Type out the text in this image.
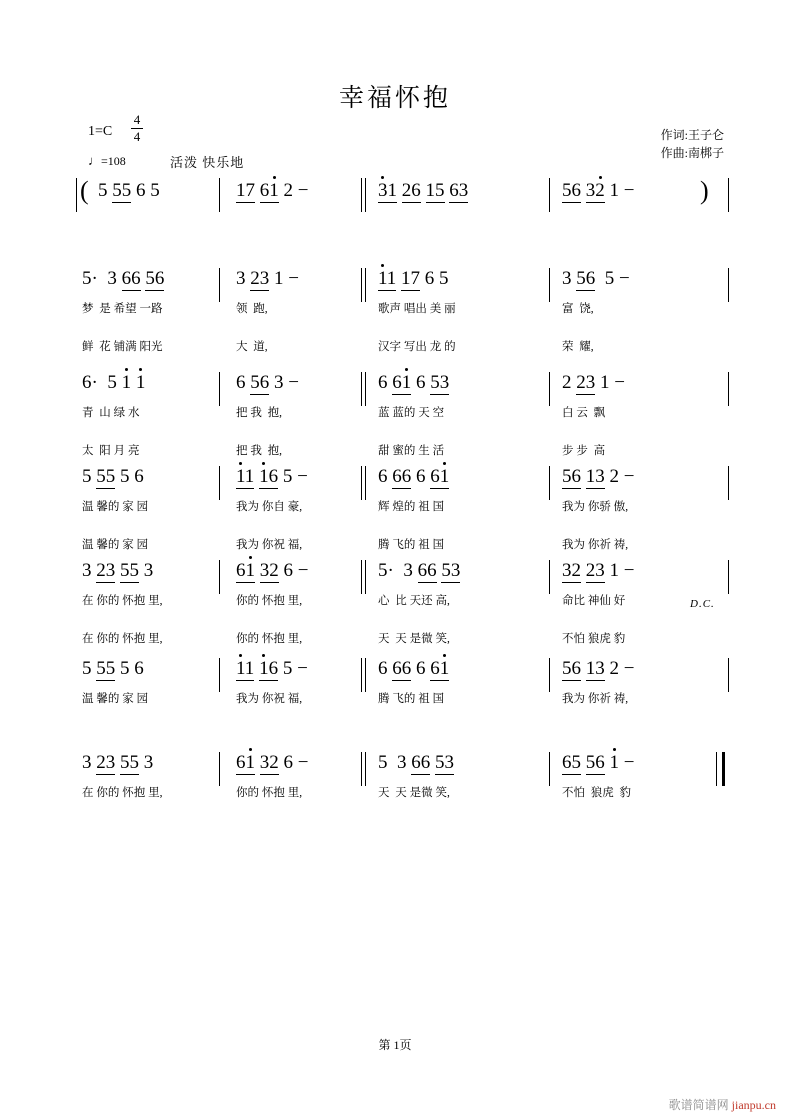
幸福怀抱
1=C
4
4
♩=108	活泼 快乐地
作词:王子仑
作曲:南梆子
( 5 55 6 5	17 61 2 −	31 26 15 63	56 32 1 − )
5·  3 66 56
梦  是 希望 一路
鲜  花 铺满 阳光
3 23 1 −
领  跑,
大  道,
11 17 6 5
歌声 唱出 美 丽
汉字 写出 龙 的
3 56  5 −
富  饶,
荣  耀,
6·  5 1 1
青  山 绿 水
太  阳 月 亮
6 56 3 −
把 我  抱,
把 我  抱,
6 61 6 53
蓝 蓝的 天 空
甜 蜜的 生 活
2 23 1 −
白 云  飘
步 步  高
5 55 5 6
温 馨的 家 园
温 馨的 家 园
11 16 5 −
我为 你自 豪,
我为 你祝 福,
6 66 6 61
辉 煌的 祖 国
腾 飞的 祖 国
56 13 2 −
我为 你骄 傲,
我为 你祈 祷,
3 23 55 3
在 你的 怀抱 里,
在 你的 怀抱 里,
61 32 6 −
你的 怀抱 里,
你的 怀抱 里,
5·  3 66 53
心  比 天还 高,
天  天 是微 笑,
32 23 1 −
命比 神仙 好
不怕 狼虎 豹
D.C.
5 55 5 6
温 馨的 家 园
11 16 5 −
我为 你祝 福,
6 66 6 61
腾 飞的 祖 国
56 13 2 −
我为 你祈 祷,
3 23 55 3
在 你的 怀抱 里,
61 32 6 −
你的 怀抱 里,
5  3 66 53
天  天 是微 笑,
65 56 1 −
不怕  狼虎  豹
第 1页
歌谱简谱网 jianpu.cn
